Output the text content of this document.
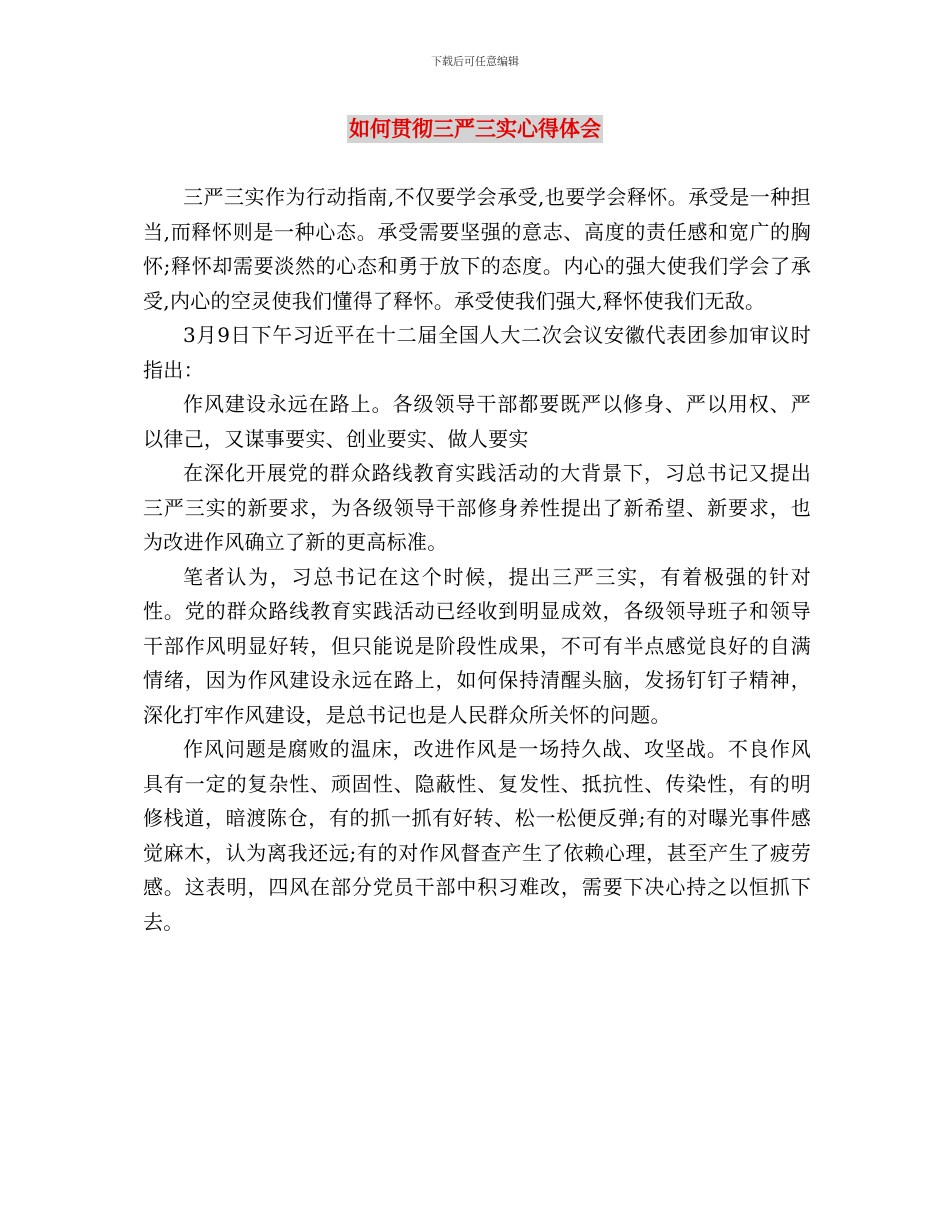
下载后可任意编辑
如何贯彻三严三实心得体会

三严三实作为行动指南,不仅要学会承受,也要学会释怀。承受是一种担当,而释怀则是一种心态。承受需要坚强的意志、高度的责任感和宽广的胸怀;释怀却需要淡然的心态和勇于放下的态度。内心的强大使我们学会了承受,内心的空灵使我们懂得了释怀。承受使我们强大,释怀使我们无敌。

3月9日下午习近平在十二届全国人大二次会议安徽代表团参加审议时指出：

作风建设永远在路上。各级领导干部都要既严以修身、严以用权、严以律己，又谋事要实、创业要实、做人要实

在深化开展党的群众路线教育实践活动的大背景下，习总书记又提出三严三实的新要求，为各级领导干部修身养性提出了新希望、新要求，也为改进作风确立了新的更高标准。

笔者认为，习总书记在这个时候，提出三严三实，有着极强的针对性。党的群众路线教育实践活动已经收到明显成效，各级领导班子和领导干部作风明显好转，但只能说是阶段性成果，不可有半点感觉良好的自满情绪，因为作风建设永远在路上，如何保持清醒头脑，发扬钉钉子精神，深化打牢作风建设，是总书记也是人民群众所关怀的问题。

作风问题是腐败的温床，改进作风是一场持久战、攻坚战。不良作风具有一定的复杂性、顽固性、隐蔽性、复发性、抵抗性、传染性，有的明修栈道，暗渡陈仓，有的抓一抓有好转、松一松便反弹;有的对曝光事件感觉麻木，认为离我还远;有的对作风督查产生了依赖心理，甚至产生了疲劳感。这表明，四风在部分党员干部中积习难改，需要下决心持之以恒抓下去。
